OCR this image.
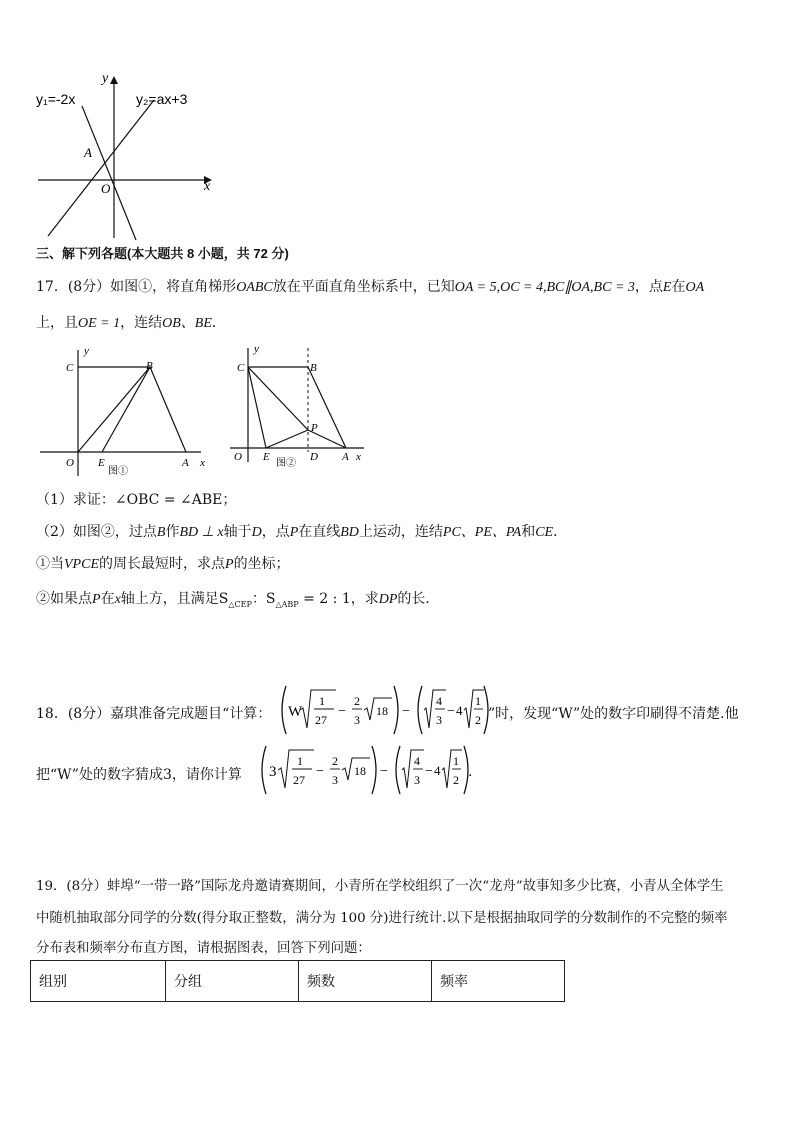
y₁=-2x	y₂=ax+3
y
x
A
O
三、解下列各题(本大题共 8 小题，共 72 分)
17．(8分）如图①，将直角梯形OABC放在平面直角坐标系中，已知OA = 5,OC = 4,BC∥OA,BC = 3，点E在OA
上，且OE = 1，连结OB、BE．
y
C	B
O E	A x
图①
y
C	B
P
O E	D A x
图②
（1）求证：∠OBC = ∠ABE；
（2）如图②，过点B作BD ⊥ x轴于D，点P在直线BD上运动，连结PC、PE、PA和CE．
①当VPCE的周长最短时，求点P的坐标；
②如果点P在x轴上方，且满足$S_{\triangle CEP}$：$S_{\triangle ABP} = 2$ : 1，求DP的长．
18．(8分）嘉琪准备完成题目“计算： W
1
27
−
2
3
18 −
4
3
− 4
1
2 ”时，发现“W”处的数字印刷得不清楚.他
把“W”处的数字猜成3，请你计算 3
1
27
−
2
3
18 −
4
3
− 4
1
2 .
19．(8分）蚌埠“一带一路”国际龙舟邀请赛期间，小青所在学校组织了一次“龙舟”故事知多少比赛，小青从全体学生
中随机抽取部分同学的分数(得分取正整数，满分为 100 分)进行统计.以下是根据抽取同学的分数制作的不完整的频率
分布表和频率分布直方图，请根据图表，回答下列问题：
组别	分组	频数	频率
